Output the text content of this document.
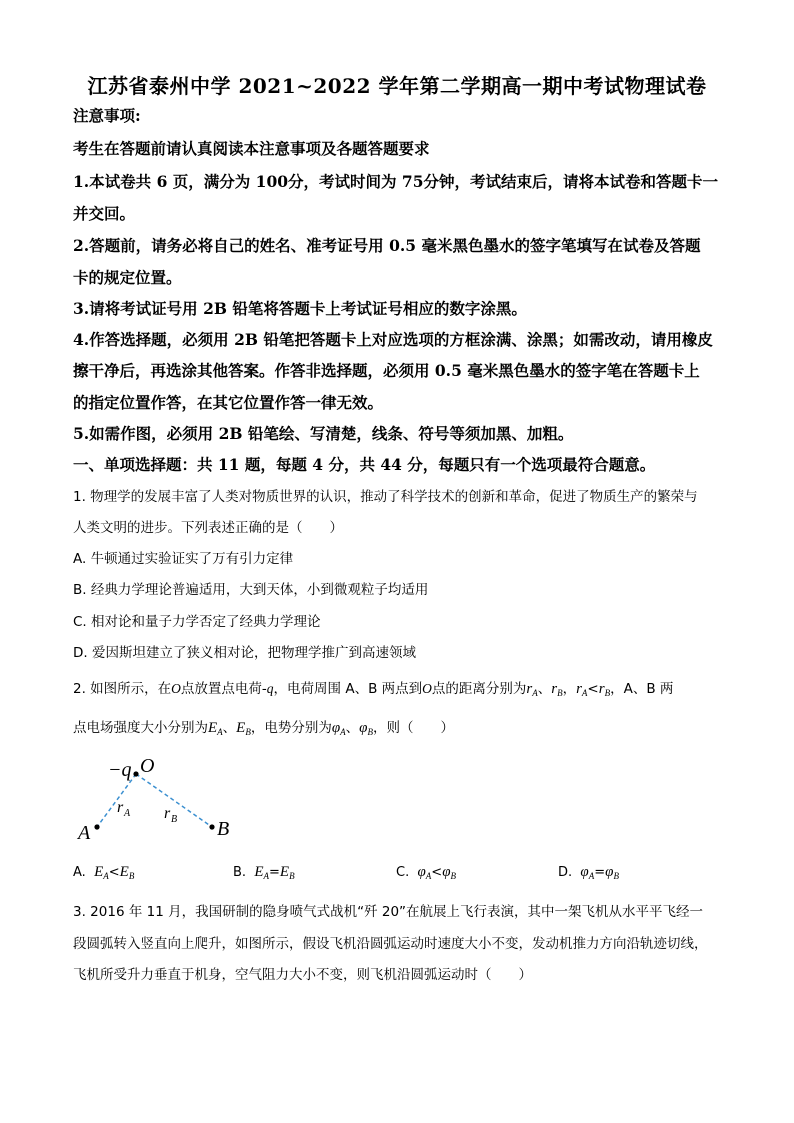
江苏省泰州中学 2021~2022 学年第二学期高一期中考试物理试卷
注意事项:
考生在答题前请认真阅读本注意事项及各题答题要求
1.本试卷共 6 页，满分为 100分，考试时间为 75分钟，考试结束后，请将本试卷和答题卡一
并交回。
2.答题前，请务必将自己的姓名、准考证号用 0.5 毫米黑色墨水的签字笔填写在试卷及答题
卡的规定位置。
3.请将考试证号用 2B 铅笔将答题卡上考试证号相应的数字涂黑。
4.作答选择题，必须用 2B 铅笔把答题卡上对应选项的方框涂满、涂黑；如需改动，请用橡皮
擦干净后，再选涂其他答案。作答非选择题，必须用 0.5 毫米黑色墨水的签字笔在答题卡上
的指定位置作答，在其它位置作答一律无效。
5.如需作图，必须用 2B 铅笔绘、写清楚，线条、符号等须加黑、加粗。
一、单项选择题：共 11 题，每题 4 分，共 44 分，每题只有一个选项最符合题意。
1. 物理学的发展丰富了人类对物质世界的认识，推动了科学技术的创新和革命，促进了物质生产的繁荣与
人类文明的进步。下列表述正确的是（　　）
A. 牛顿通过实验证实了万有引力定律
B. 经典力学理论普遍适用，大到天体，小到微观粒子均适用
C. 相对论和量子力学否定了经典力学理论
D. 爱因斯坦建立了狭义相对论，把物理学推广到高速领域
2. 如图所示，在O点放置点电荷-q，电荷周围 A、B 两点到O点的距离分别为$r_A$、$r_B$，$r_A<r_B$，A、B 两
点电场强度大小分别为$E_A$、$E_B$，电势分别为$\varphi_A$、$\varphi_B$，则（　　）
−q O
r A r B
A	B
A. $E_A<E_B$	B. $E_A=E_B$	C. $\varphi_A<\varphi_B$	D. $\varphi_A=\varphi_B$
3. 2016 年 11 月，我国研制的隐身喷气式战机“歼 20”在航展上飞行表演，其中一架飞机从水平平飞经一
段圆弧转入竖直向上爬升，如图所示，假设飞机沿圆弧运动时速度大小不变，发动机推力方向沿轨迹切线，
飞机所受升力垂直于机身，空气阻力大小不变，则飞机沿圆弧运动时（　　）
